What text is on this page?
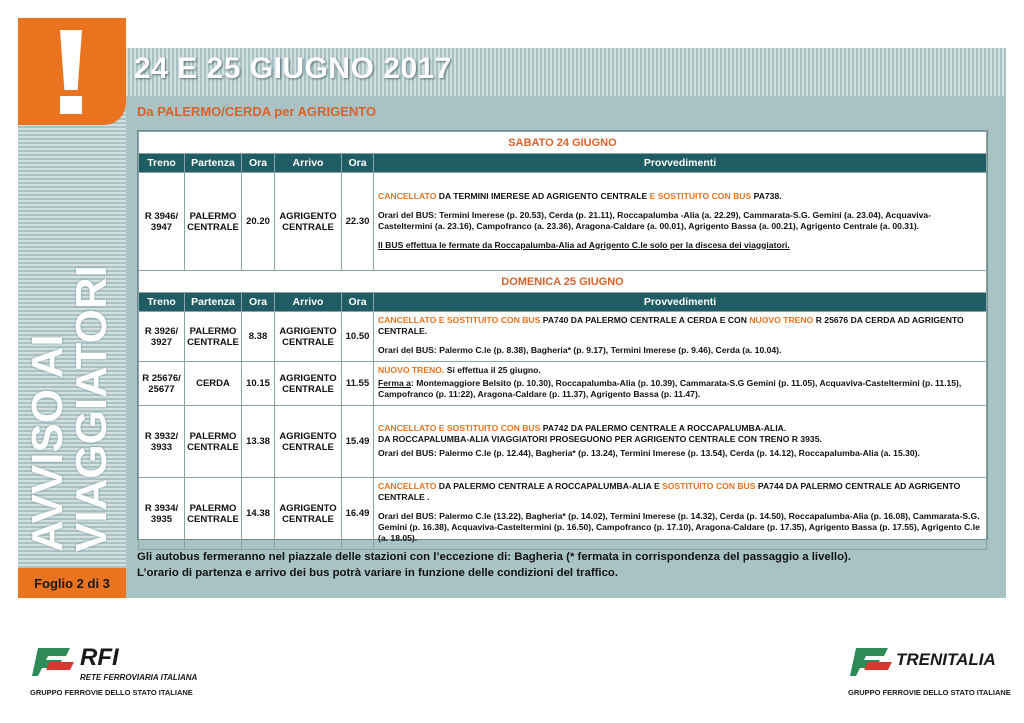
AVVISO AI
VIAGGIATORI
Foglio 2 di 3
24 E 25 GIUGNO 2017
Da PALERMO/CERDA per AGRIGENTO
SABATO 24 GIUGNO					
Treno	Partenza	Ora	Arrivo	Ora	Provvedimenti
R 3946/ 3947	PALERMO CENTRALE	20.20	AGRIGENTO CENTRALE	22.30	CANCELLATO DA TERMINI IMERESE AD AGRIGENTO CENTRALE E SOSTITUITO CON BUS PA738.

Orari del BUS: Termini Imerese (p. 20.53), Cerda (p. 21.11), Roccapalumba -Alia (a. 22.29), Cammarata-S.G. Gemini (a. 23.04), Acquaviva-Casteltermini (a. 23.16), Campofranco (a. 23.36), Aragona-Caldare (a. 00.01), Agrigento Bassa (a. 00.21), Agrigento Centrale (a. 00.31).

Il BUS effettua le fermate da Roccapalumba-Alia ad Agrigento C.le solo per la discesa dei viaggiatori.

DOMENICA 25 GIUGNO					
Treno	Partenza	Ora	Arrivo	Ora	Provvedimenti
R 3926/ 3927	PALERMO CENTRALE	8.38	AGRIGENTO CENTRALE	10.50	CANCELLATO E SOSTITUITO CON BUS PA740 DA PALERMO CENTRALE A CERDA E CON NUOVO TRENO R 25676 DA CERDA AD AGRIGENTO CENTRALE.

Orari del BUS: Palermo C.le (p. 8.38), Bagheria* (p. 9.17), Termini Imerese (p. 9.46), Cerda (a. 10.04).

R 25676/ 25677	CERDA	10.15	AGRIGENTO CENTRALE	11.55	NUOVO TRENO. Si effettua il 25 giugno.

Ferma a: Montemaggiore Belsito (p. 10.30), Roccapalumba-Alia (p. 10.39), Cammarata-S.G Gemini (p. 11.05), Acquaviva-Casteltermini (p. 11.15), Campofranco (p. 11:22), Aragona-Caldare (p. 11.37), Agrigento Bassa (p. 11.47).

R 3932/ 3933	PALERMO CENTRALE	13.38	AGRIGENTO CENTRALE	15.49	CANCELLATO E SOSTITUITO CON BUS PA742 DA PALERMO CENTRALE A ROCCAPALUMBA-ALIA.
DA ROCCAPALUMBA-ALIA VIAGGIATORI PROSEGUONO PER AGRIGENTO CENTRALE CON TRENO R 3935.

Orari del BUS: Palermo C.le (p. 12.44), Bagheria* (p. 13.24), Termini Imerese (p. 13.54), Cerda (p. 14.12), Roccapalumba-Alia (a. 15.30).

R 3934/ 3935	PALERMO CENTRALE	14.38	AGRIGENTO CENTRALE	16.49	CANCELLATO DA PALERMO CENTRALE A ROCCAPALUMBA-ALIA E SOSTITUITO CON BUS PA744 DA PALERMO CENTRALE AD AGRIGENTO CENTRALE .

Orari del BUS: Palermo C.le (13.22), Bagheria* (p. 14.02), Termini Imerese (p. 14.32), Cerda (p. 14.50), Roccapalumba-Alia (p. 16.08), Cammarata-S.G. Gemini (p. 16.38), Acquaviva-Casteltermini (p. 16.50), Campofranco (p. 17.10), Aragona-Caldare (p. 17.35), Agrigento Bassa (p. 17.55), Agrigento C.le (a. 18.05).

Gli autobus fermeranno nel piazzale delle stazioni con l’eccezione di: Bagheria (* fermata in corrispondenza del passaggio a livello).
L’orario di partenza e arrivo dei bus potrà variare in funzione delle condizioni del traffico.
RFI
RETE FERROVIARIA ITALIANA
GRUPPO FERROVIE DELLO STATO ITALIANE
TRENITALIA
GRUPPO FERROVIE DELLO STATO ITALIANE
